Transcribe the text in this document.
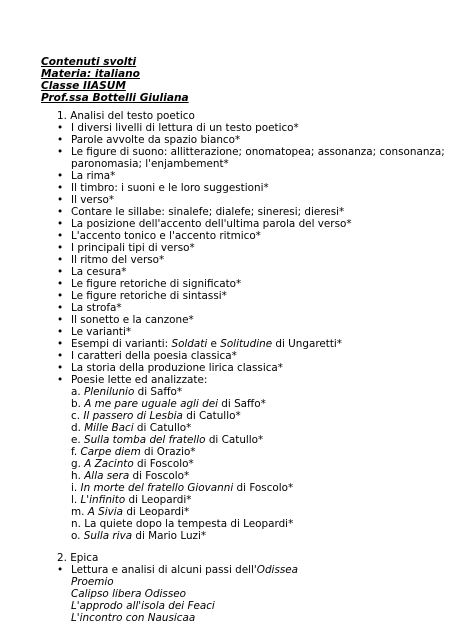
Contenuti svolti
Materia: italiano
Classe IIASUM
Prof.ssa Bottelli Giuliana
1. Analisi del testo poetico
• I diversi livelli di lettura di un testo poetico*
• Parole avvolte da spazio bianco*
• Le figure di suono: allitterazione; onomatopea; assonanza; consonanza;
paronomasia; l'enjambement*
• La rima*
• Il timbro: i suoni e le loro suggestioni*
• Il verso*
• Contare le sillabe: sinalefe; dialefe; sineresi; dieresi*
• La posizione dell'accento dell'ultima parola del verso*
• L'accento tonico e l'accento ritmico*
• I principali tipi di verso*
• Il ritmo del verso*
• La cesura*
• Le figure retoriche di significato*
• Le figure retoriche di sintassi*
• La strofa*
• Il sonetto e la canzone*
• Le varianti*
• Esempi di varianti: Soldati e Solitudine di Ungaretti*
• I caratteri della poesia classica*
• La storia della produzione lirica classica*
• Poesie lette ed analizzate:
a. Plenilunio di Saffo*
b. A me pare uguale agli dei di Saffo*
c. Il passero di Lesbia di Catullo*
d. Mille Baci di Catullo*
e. Sulla tomba del fratello di Catullo*
f. Carpe diem di Orazio*
g. A Zacinto di Foscolo*
h. Alla sera di Foscolo*
i. In morte del fratello Giovanni di Foscolo*
l. L'infinito di Leopardi*
m. A Sivia di Leopardi*
n. La quiete dopo la tempesta di Leopardi*
o. Sulla riva di Mario Luzi*
2. Epica
• Lettura e analisi di alcuni passi dell'Odissea
Proemio
Calipso libera Odisseo
L'approdo all'isola dei Feaci
L'incontro con Nausicaa
